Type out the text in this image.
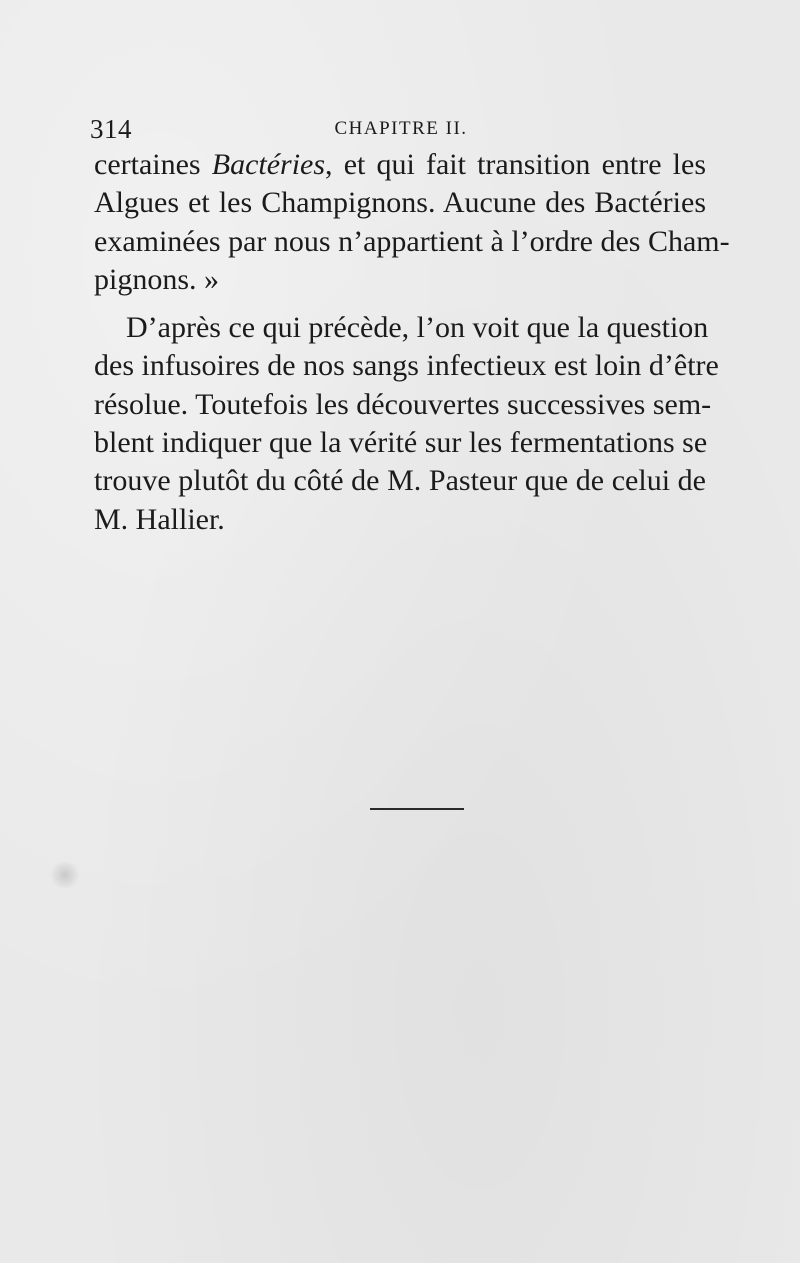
314	CHAPITRE II.
certaines Bactéries, et qui fait transition entre les
Algues et les Champignons. Aucune des Bactéries
examinées par nous n’appartient à l’ordre des Cham-
pignons. »
D’après ce qui précède, l’on voit que la question
des infusoires de nos sangs infectieux est loin d’être
résolue. Toutefois les découvertes successives sem-
blent indiquer que la vérité sur les fermentations se
trouve plutôt du côté de M. Pasteur que de celui de
M. Hallier.
